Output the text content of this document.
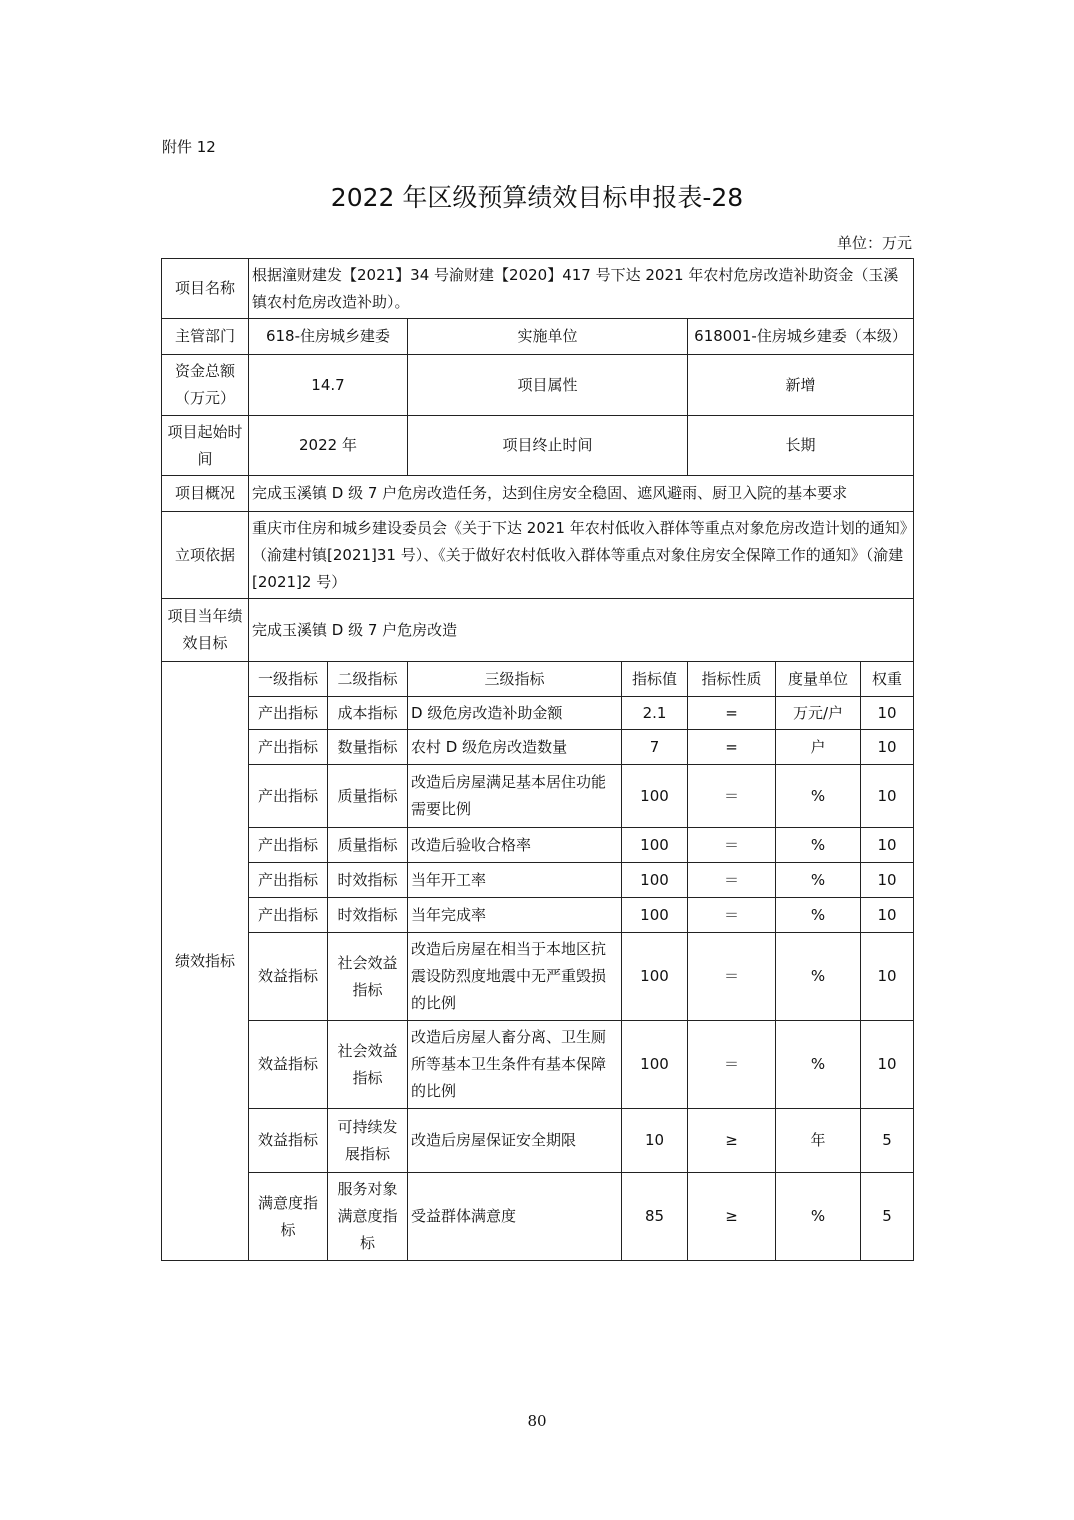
附件 12
2022 年区级预算绩效目标申报表-28
单位：万元
项目名称	根据潼财建发【2021】34 号渝财建【2020】417 号下达 2021 年农村危房改造补助资金（玉溪镇农村危房改造补助）。						
主管部门	618-住房城乡建委		实施单位		618001-住房城乡建委（本级）		
资金总额（万元）	14.7		项目属性		新增		
项目起始时间	2022 年		项目终止时间		长期		
项目概况	完成玉溪镇 D 级 7 户危房改造任务，达到住房安全稳固、遮风避雨、厨卫入院的基本要求						
立项依据	重庆市住房和城乡建设委员会《关于下达 2021 年农村低收入群体等重点对象危房改造计划的通知》（渝建村镇[2021]31 号）、《关于做好农村低收入群体等重点对象住房安全保障工作的通知》（渝建[2021]2 号）						
项目当年绩效目标	完成玉溪镇 D 级 7 户危房改造						
绩效指标	一级指标	二级指标	三级指标	指标值	指标性质	度量单位	权重
	产出指标	成本指标	D 级危房改造补助金额	2.1	=	万元/户	10
	产出指标	数量指标	农村 D 级危房改造数量	7	=	户	10
	产出指标	质量指标	改造后房屋满足基本居住功能需要比例	100	＝	%	10
	产出指标	质量指标	改造后验收合格率	100	＝	%	10
	产出指标	时效指标	当年开工率	100	＝	%	10
	产出指标	时效指标	当年完成率	100	＝	%	10
	效益指标	社会效益指标	改造后房屋在相当于本地区抗震设防烈度地震中无严重毁损的比例	100	＝	%	10
	效益指标	社会效益指标	改造后房屋人畜分离、卫生厕所等基本卫生条件有基本保障的比例	100	＝	%	10
	效益指标	可持续发展指标	改造后房屋保证安全期限	10	≥	年	5
	满意度指标	服务对象满意度指标	受益群体满意度	85	≥	%	5
80
